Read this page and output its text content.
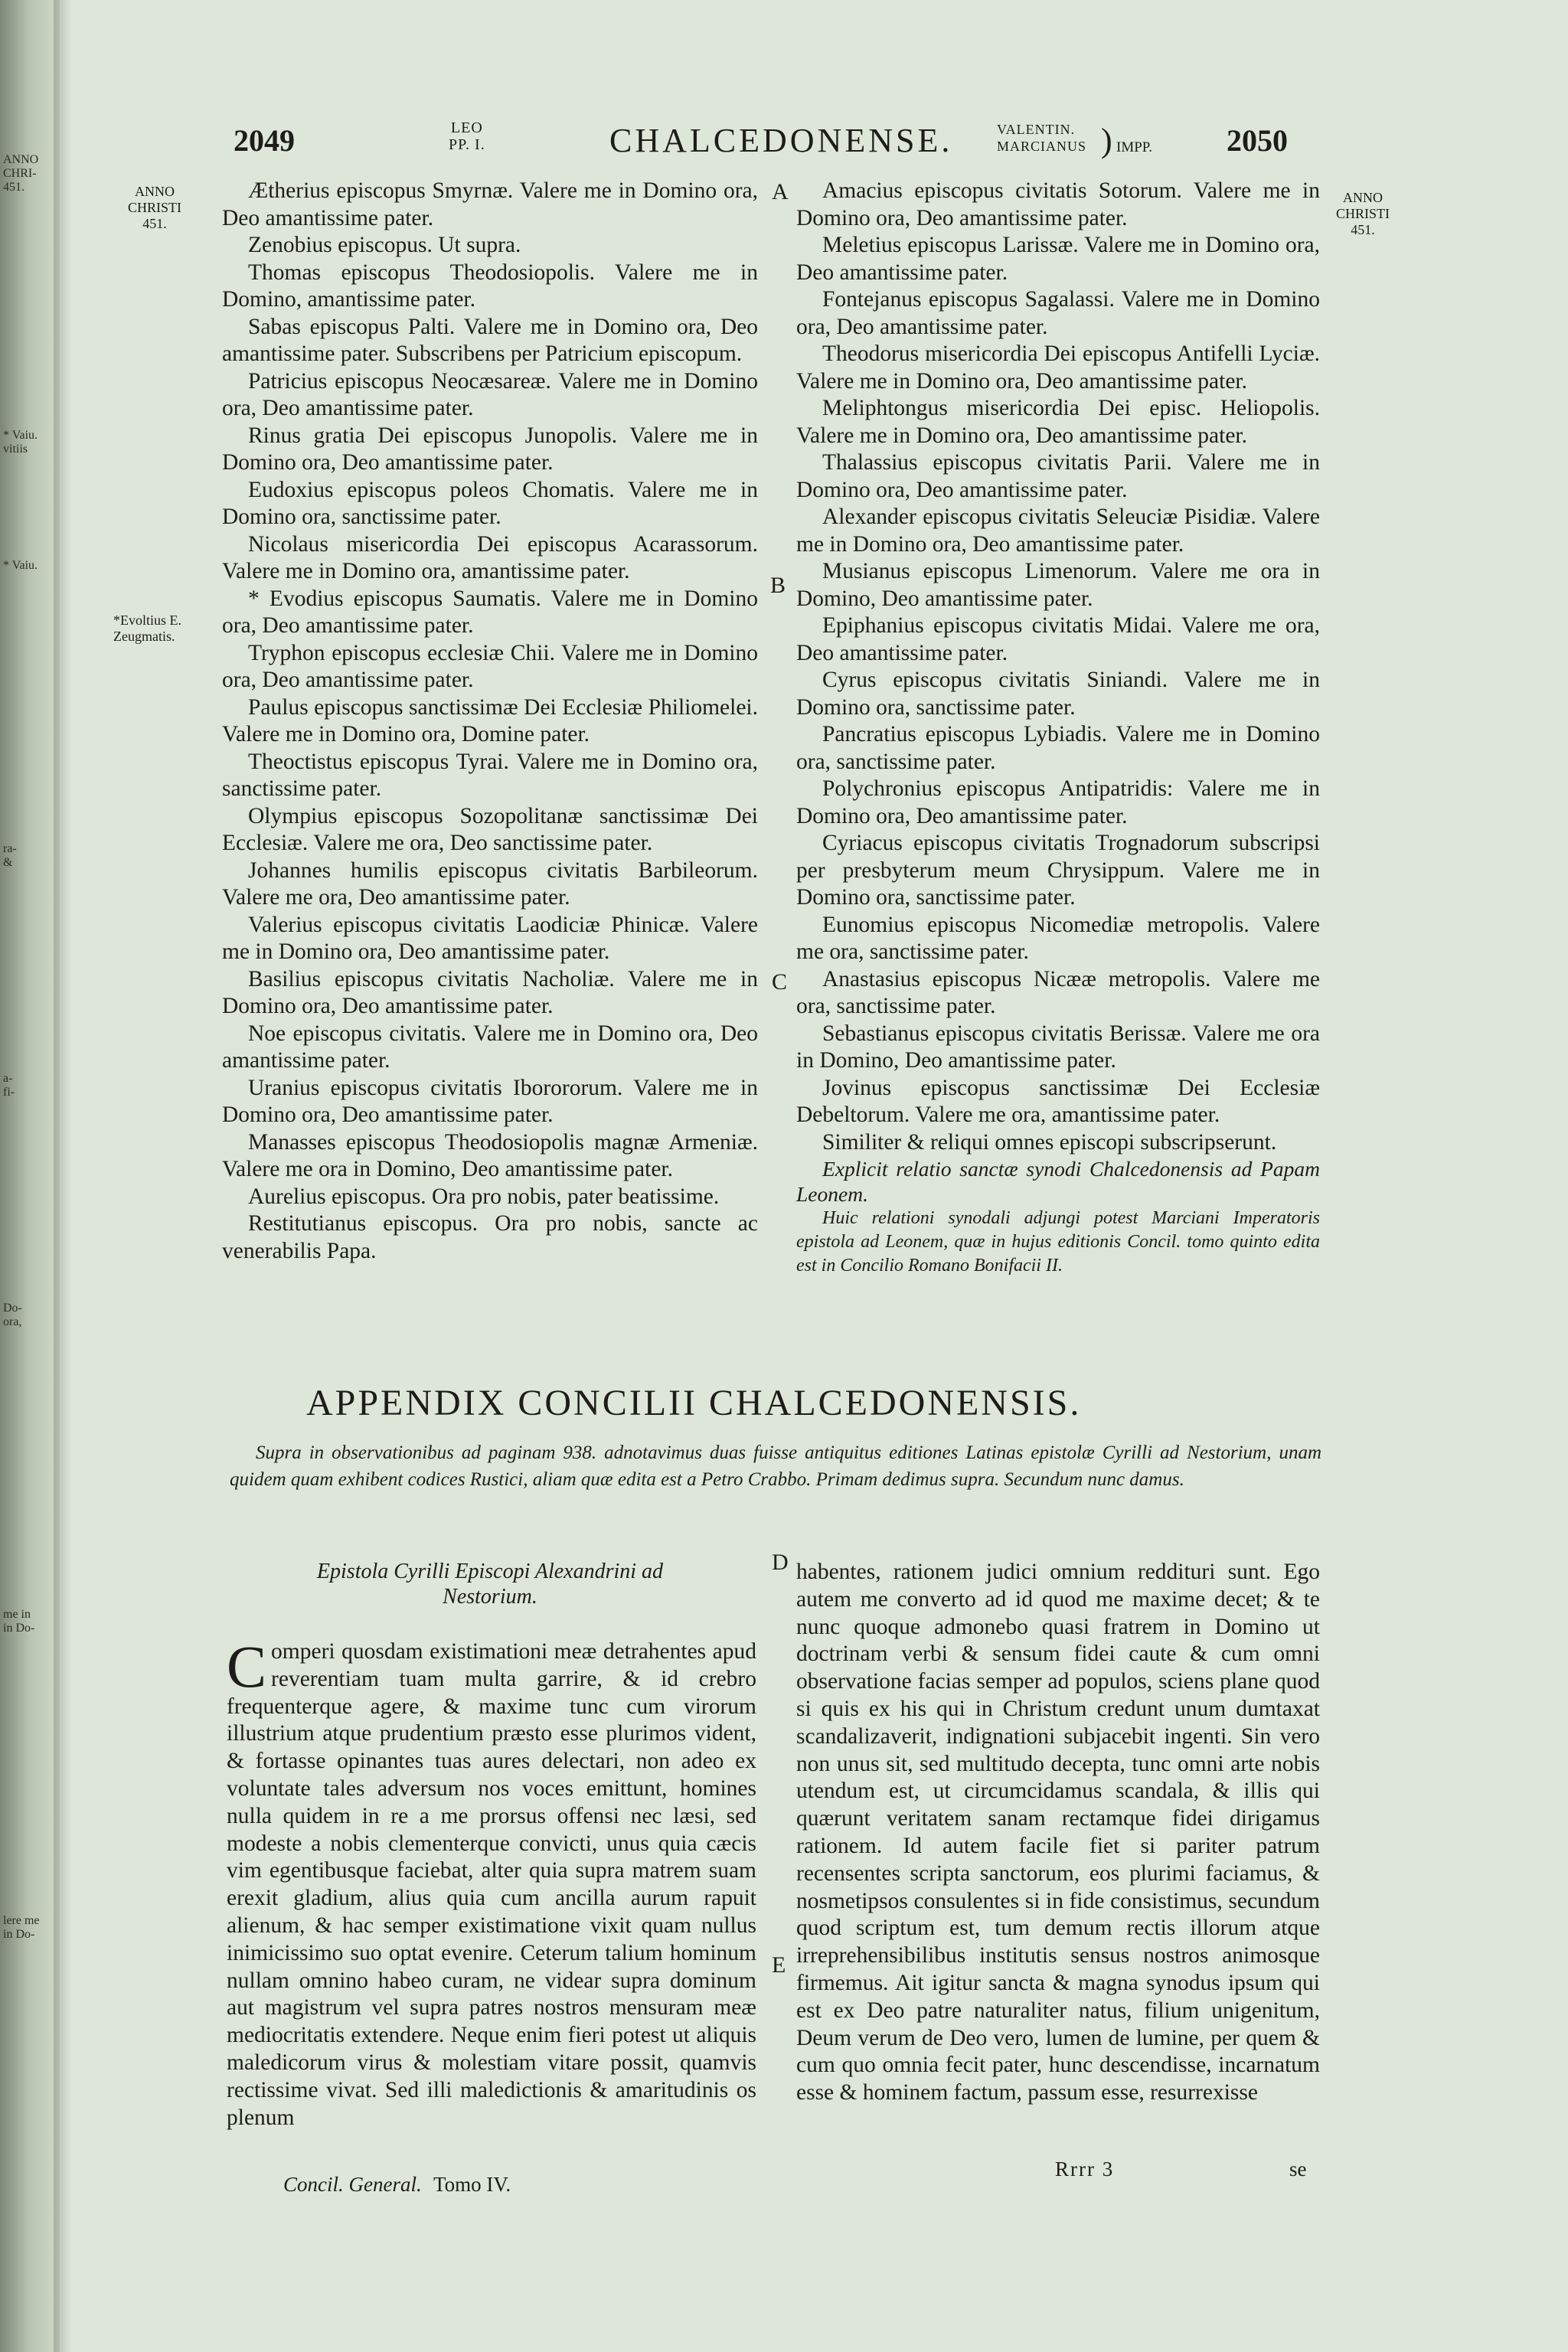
ANNO
CHRI-
451.
* Vaiu.
vitiis
* Vaiu.
ra-
&
a-
fi-
Do-
ora,
me in
in Do-
lere me
in Do-
2049	LEO
PP. I.	CHALCEDONENSE.	VALENTIN.
MARCIANUS ) IMPP. 2050
ANNO
CHRISTI
451.
ANNO
CHRISTI
451.
*Evoltius E.
Zeugmatis.
A
B
C
D
E

Ætherius episcopus Smyrnæ. Valere me in Domino ora, Deo amantissime pater.

Zenobius episcopus. Ut supra.

Thomas episcopus Theodosiopolis. Valere me in Domino, amantissime pater.

Sabas episcopus Palti. Valere me in Domino ora, Deo amantissime pater. Subscribens per Patricium episcopum.

Patricius episcopus Neocæsareæ. Valere me in Domino ora, Deo amantissime pater.

Rinus gratia Dei episcopus Junopolis. Valere me in Domino ora, Deo amantissime pater.

Eudoxius episcopus poleos Chomatis. Valere me in Domino ora, sanctissime pater.

Nicolaus misericordia Dei episcopus Acarassorum. Valere me in Domino ora, amantissime pater.

* Evodius episcopus Saumatis. Valere me in Domino ora, Deo amantissime pater.

Tryphon episcopus ecclesiæ Chii. Valere me in Domino ora, Deo amantissime pater.

Paulus episcopus sanctissimæ Dei Ecclesiæ Philiomelei. Valere me in Domino ora, Domine pater.

Theoctistus episcopus Tyrai. Valere me in Domino ora, sanctissime pater.

Olympius episcopus Sozopolitanæ sanctissimæ Dei Ecclesiæ. Valere me ora, Deo sanctissime pater.

Johannes humilis episcopus civitatis Barbileorum. Valere me ora, Deo amantissime pater.

Valerius episcopus civitatis Laodiciæ Phinicæ. Valere me in Domino ora, Deo amantissime pater.

Basilius episcopus civitatis Nacholiæ. Valere me in Domino ora, Deo amantissime pater.

Noe episcopus civitatis. Valere me in Domino ora, Deo amantissime pater.

Uranius episcopus civitatis Iborororum. Valere me in Domino ora, Deo amantissime pater.

Manasses episcopus Theodosiopolis magnæ Armeniæ. Valere me ora in Domino, Deo amantissime pater.

Aurelius episcopus. Ora pro nobis, pater beatissime.

Restitutianus episcopus. Ora pro nobis, sancte ac venerabilis Papa.

Amacius episcopus civitatis Sotorum. Valere me in Domino ora, Deo amantissime pater.

Meletius episcopus Larissæ. Valere me in Domino ora, Deo amantissime pater.

Fontejanus episcopus Sagalassi. Valere me in Domino ora, Deo amantissime pater.

Theodorus misericordia Dei episcopus Antifelli Lyciæ. Valere me in Domino ora, Deo amantissime pater.

Meliphtongus misericordia Dei episc. Heliopolis. Valere me in Domino ora, Deo amantissime pater.

Thalassius episcopus civitatis Parii. Valere me in Domino ora, Deo amantissime pater.

Alexander episcopus civitatis Seleuciæ Pisidiæ. Valere me in Domino ora, Deo amantissime pater.

Musianus episcopus Limenorum. Valere me ora in Domino, Deo amantissime pater.

Epiphanius episcopus civitatis Midai. Valere me ora, Deo amantissime pater.

Cyrus episcopus civitatis Siniandi. Valere me in Domino ora, sanctissime pater.

Pancratius episcopus Lybiadis. Valere me in Domino ora, sanctissime pater.

Polychronius episcopus Antipatridis: Valere me in Domino ora, Deo amantissime pater.

Cyriacus episcopus civitatis Trognadorum subscripsi per presbyterum meum Chrysippum. Valere me in Domino ora, sanctissime pater.

Eunomius episcopus Nicomediæ metropolis. Valere me ora, sanctissime pater.

Anastasius episcopus Nicææ metropolis. Valere me ora, sanctissime pater.

Sebastianus episcopus civitatis Berissæ. Valere me ora in Domino, Deo amantissime pater.

Jovinus episcopus sanctissimæ Dei Ecclesiæ Debeltorum. Valere me ora, amantissime pater.

Similiter & reliqui omnes episcopi subscripserunt.

Explicit relatio sanctæ synodi Chalcedonensis ad Papam Leonem.

Huic relationi synodali adjungi potest Marciani Imperatoris epistola ad Leonem, quæ in hujus editionis Concil. tomo quinto edita est in Concilio Romano Bonifacii II.

APPENDIX CONCILII CHALCEDONENSIS.
Supra in observationibus ad paginam 938. adnotavimus duas fuisse antiquitus editiones Latinas epistolæ Cyrilli ad Nestorium, unam quidem quam exhibent codices Rustici, aliam quæ edita est a Petro Crabbo. Primam dedimus supra. Secundum nunc damus.
Epistola Cyrilli Episcopi Alexandrini ad Nestorium.
C omperi quosdam existimationi meæ detrahentes apud reverentiam tuam multa garrire, & id crebro frequenterque agere, & maxime tunc cum virorum illustrium atque prudentium præsto esse plurimos vident, & fortasse opinantes tuas aures delectari, non adeo ex voluntate tales adversum nos voces emittunt, homines nulla quidem in re a me prorsus offensi nec læsi, sed modeste a nobis clementerque convicti, unus quia cæcis vim egentibusque faciebat, alter quia supra matrem suam erexit gladium, alius quia cum ancilla aurum rapuit alienum, & hac semper existimatione vixit quam nullus inimicissimo suo optat evenire. Ceterum talium hominum nullam omnino habeo curam, ne videar supra dominum aut magistrum vel supra patres nostros mensuram meæ mediocritatis extendere. Neque enim fieri potest ut aliquis maledicorum virus & molestiam vitare possit, quamvis rectissime vivat. Sed illi maledictionis & amaritudinis os plenum

habentes, rationem judici omnium reddituri sunt. Ego autem me converto ad id quod me maxime decet; & te nunc quoque admonebo quasi fratrem in Domino ut doctrinam verbi & sensum fidei caute & cum omni observatione facias semper ad populos, sciens plane quod si quis ex his qui in Christum credunt unum dumtaxat scandalizaverit, indignationi subjacebit ingenti. Sin vero non unus sit, sed multitudo decepta, tunc omni arte nobis utendum est, ut circumcidamus scandala, & illis qui quærunt veritatem sanam rectamque fidei dirigamus rationem. Id autem facile fiet si pariter patrum recensentes scripta sanctorum, eos plurimi faciamus, & nosmetipsos consulentes si in fide consistimus, secundum quod scriptum est, tum demum rectis illorum atque irreprehensibilibus institutis sensus nostros animosque firmemus. Ait igitur sancta & magna synodus ipsum qui est ex Deo patre naturaliter natus, filium unigenitum, Deum verum de Deo vero, lumen de lumine, per quem & cum quo omnia fecit pater, hunc descendisse, incarnatum esse & hominem factum, passum esse, resurrexisse

Concil. General. Tomo IV.
Rrrr 3	se
